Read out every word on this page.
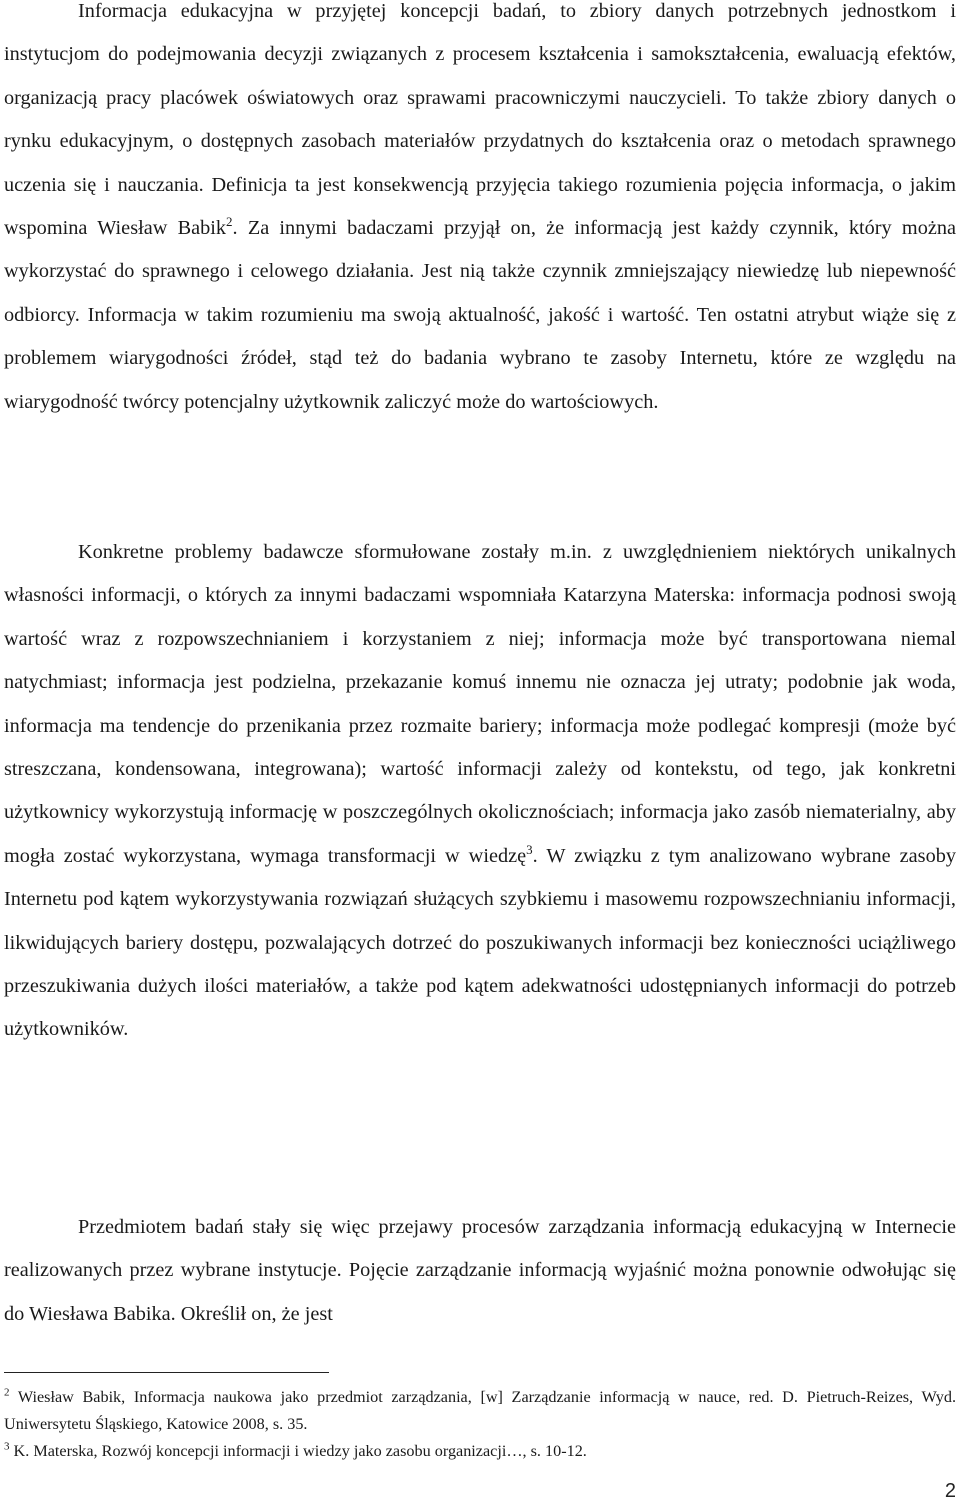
Informacja edukacyjna w przyjętej koncepcji badań, to zbiory danych potrzebnych jednostkom i instytucjom do podejmowania decyzji związanych z procesem kształcenia i samokształcenia, ewaluacją efektów, organizacją pracy placówek oświatowych oraz sprawami pracowniczymi nauczycieli. To także zbiory danych o rynku edukacyjnym, o dostępnych zasobach materiałów przydatnych do kształcenia oraz o metodach sprawnego uczenia się i nauczania. Definicja ta jest konsekwencją przyjęcia takiego rozumienia pojęcia informacja, o jakim wspomina Wiesław Babik$^2$. Za innymi badaczami przyjął on, że informacją jest każdy czynnik, który można wykorzystać do sprawnego i celowego działania. Jest nią także czynnik zmniejszający niewiedzę lub niepewność odbiorcy. Informacja w takim rozumieniu ma swoją aktualność, jakość i wartość. Ten ostatni atrybut wiąże się z problemem wiarygodności źródeł, stąd też do badania wybrano te zasoby Internetu, które ze względu na wiarygodność twórcy potencjalny użytkownik zaliczyć może do wartościowych.

Konkretne problemy badawcze sformułowane zostały m.in. z uwzględnieniem niektórych unikalnych własności informacji, o których za innymi badaczami wspomniała Katarzyna Materska: informacja podnosi swoją wartość wraz z rozpowszechnianiem i korzystaniem z niej; informacja może być transportowana niemal natychmiast; informacja jest podzielna, przekazanie komuś innemu nie oznacza jej utraty; podobnie jak woda, informacja ma tendencje do przenikania przez rozmaite bariery; informacja może podlegać kompresji (może być streszczana, kondensowana, integrowana); wartość informacji zależy od kontekstu, od tego, jak konkretni użytkownicy wykorzystują informację w poszczególnych okolicznościach; informacja jako zasób niematerialny, aby mogła zostać wykorzystana, wymaga transformacji w wiedzę$^3$. W związku z tym analizowano wybrane zasoby Internetu pod kątem wykorzystywania rozwiązań służących szybkiemu i masowemu rozpowszechnianiu informacji, likwidujących bariery dostępu, pozwalających dotrzeć do poszukiwanych informacji bez konieczności uciążliwego przeszukiwania dużych ilości materiałów, a także pod kątem adekwatności udostępnianych informacji do potrzeb użytkowników.

Przedmiotem badań stały się więc przejawy procesów zarządzania informacją edukacyjną w Internecie realizowanych przez wybrane instytucje. Pojęcie zarządzanie informacją wyjaśnić można ponownie odwołując się do Wiesława Babika. Określił on, że jest

$^2$ Wiesław Babik, Informacja naukowa jako przedmiot zarządzania, [w] Zarządzanie informacją w nauce, red. D. Pietruch-Reizes, Wyd. Uniwersytetu Śląskiego, Katowice 2008, s. 35.

$^3$ K. Materska, Rozwój koncepcji informacji i wiedzy jako zasobu organizacji…, s. 10-12.

2
